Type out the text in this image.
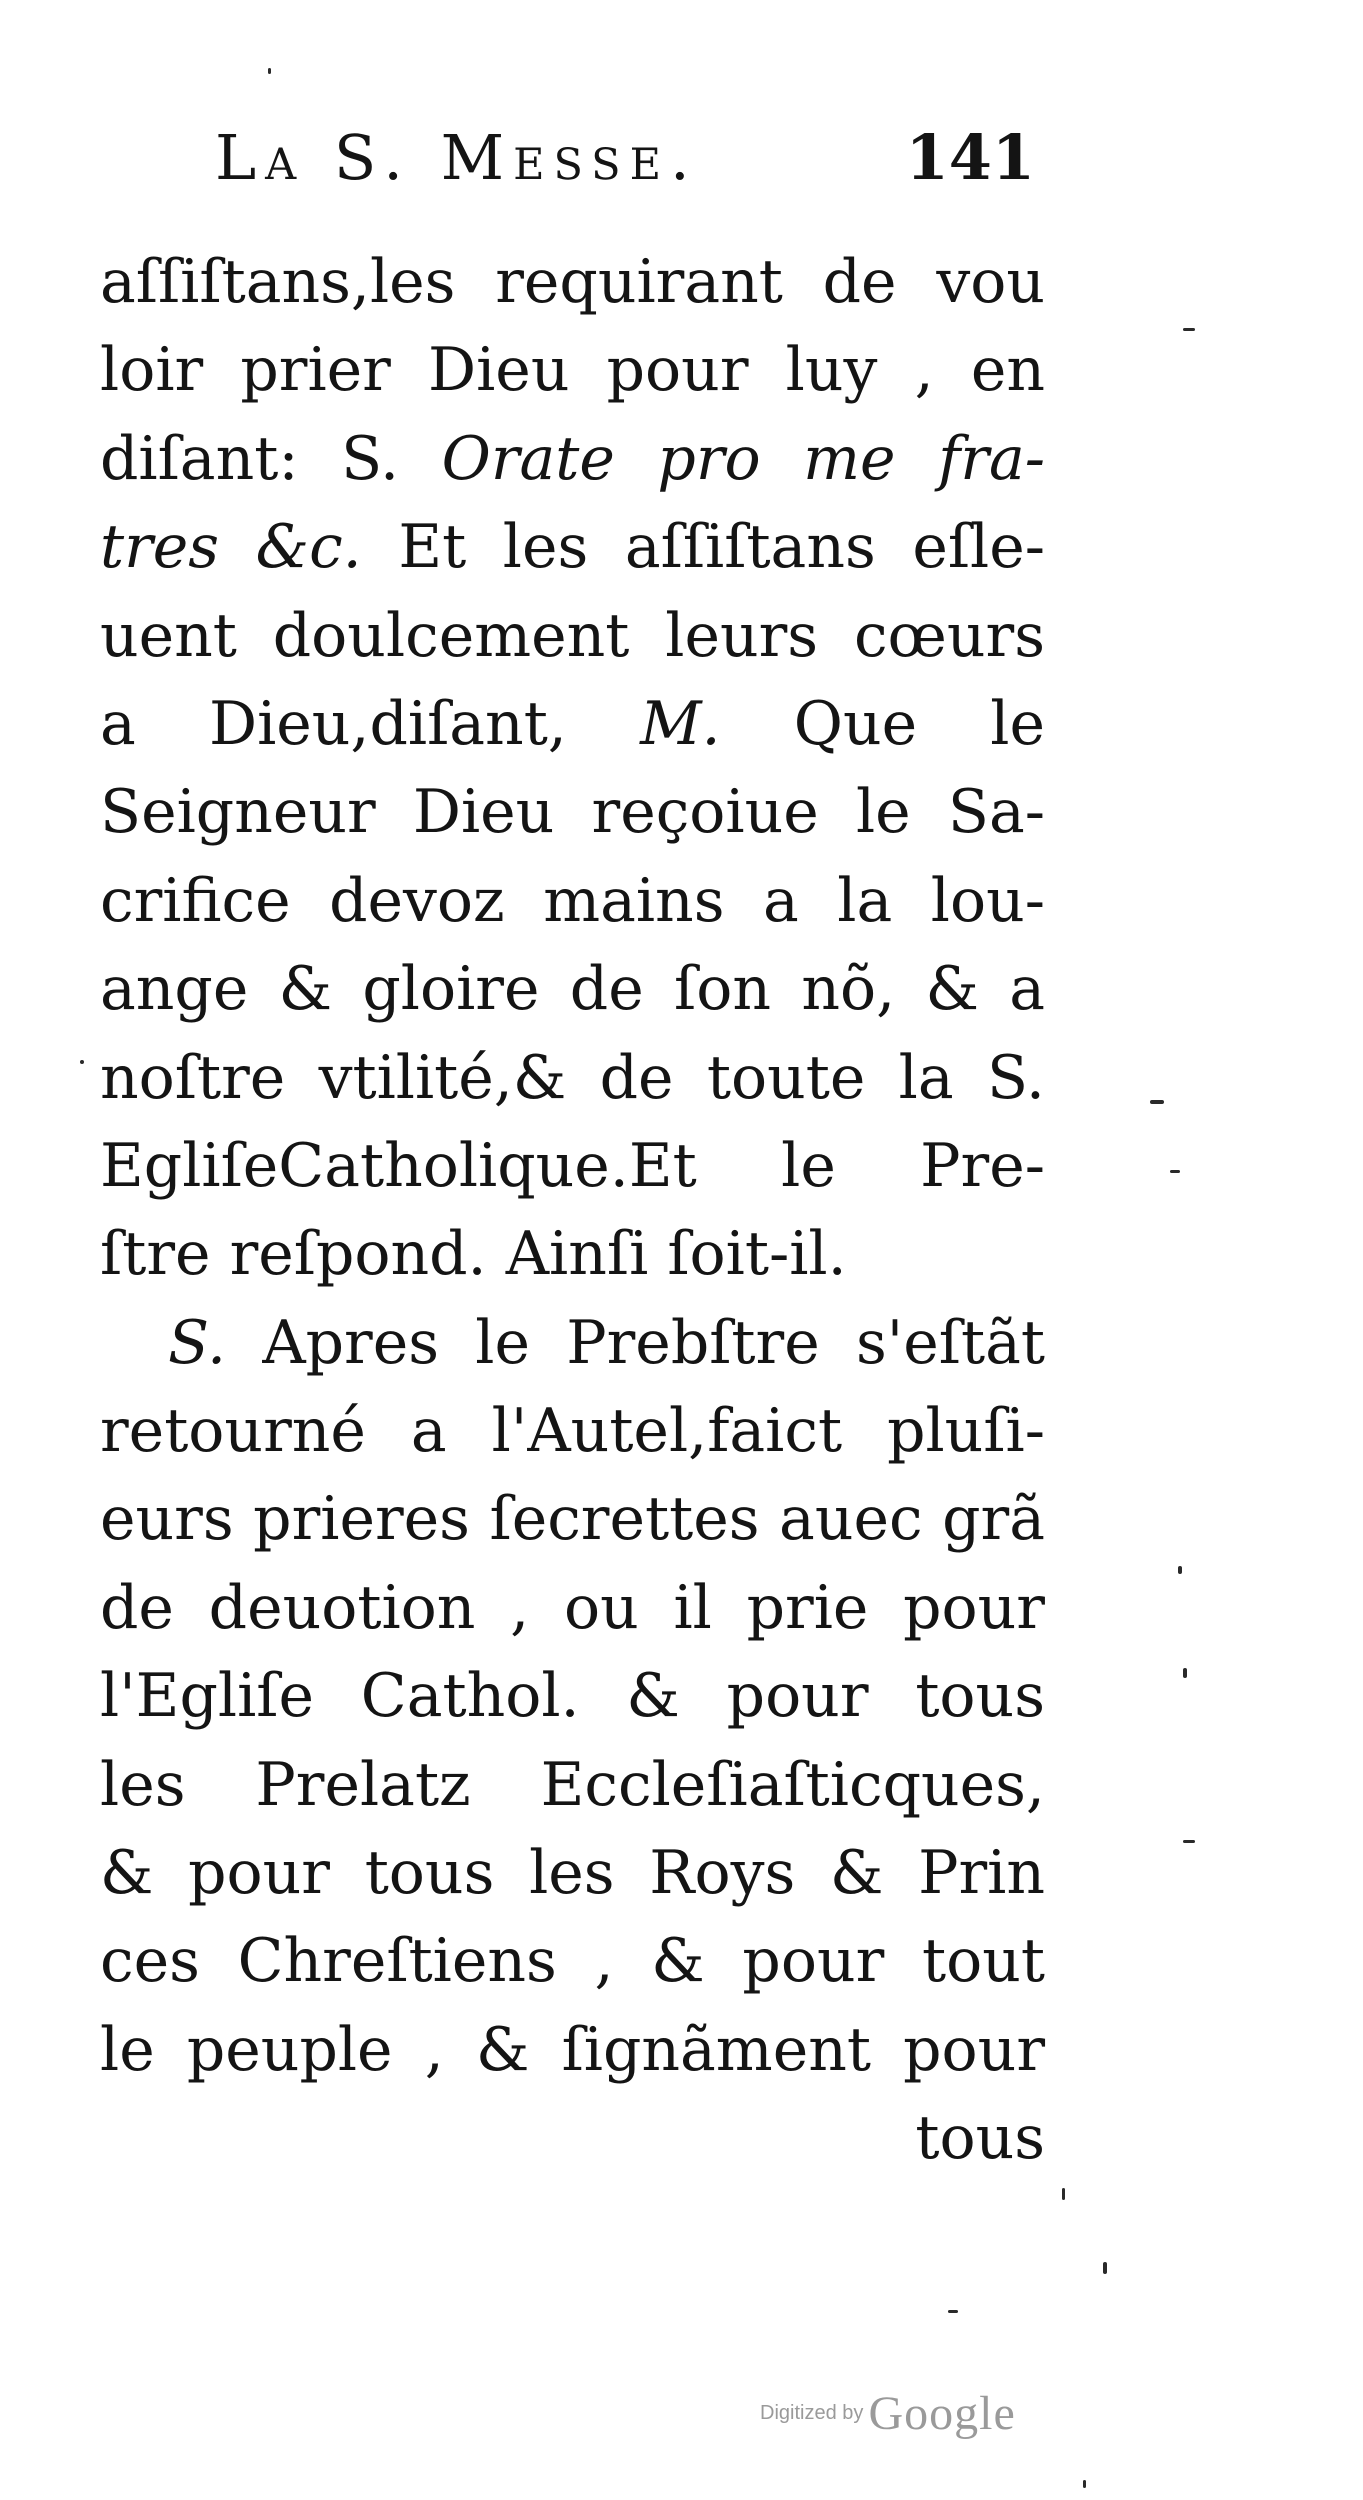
La S. Messe.	141
aſſiſtans,les requirant de vou
loir prier Dieu pour luy , en
diſant: S. Orate pro me fra-
tres &c. Et les aſſiſtans eſle-
uent doulcement leurs cœurs
a Dieu,diſant, M. Que le
Seigneur Dieu reçoiue le Sa-
crifice devoz mains a la lou-
ange & gloire de ſon nõ, & a
noſtre vtilité,& de toute la S.
EgliſeCatholique.Et le Pre-
ſtre reſpond. Ainſi ſoit-il.
S. Apres le Prebſtre s'eſtãt
retourné a l'Autel,faict pluſi-
eurs prieres ſecrettes auec grã
de deuotion , ou il prie pour
l'Egliſe Cathol. & pour tous
les Prelatz Eccleſiaſticques,
& pour tous les Roys & Prin
ces Chreſtiens , & pour tout
le peuple , & ſignãment pour
tous
Digitized by Google
